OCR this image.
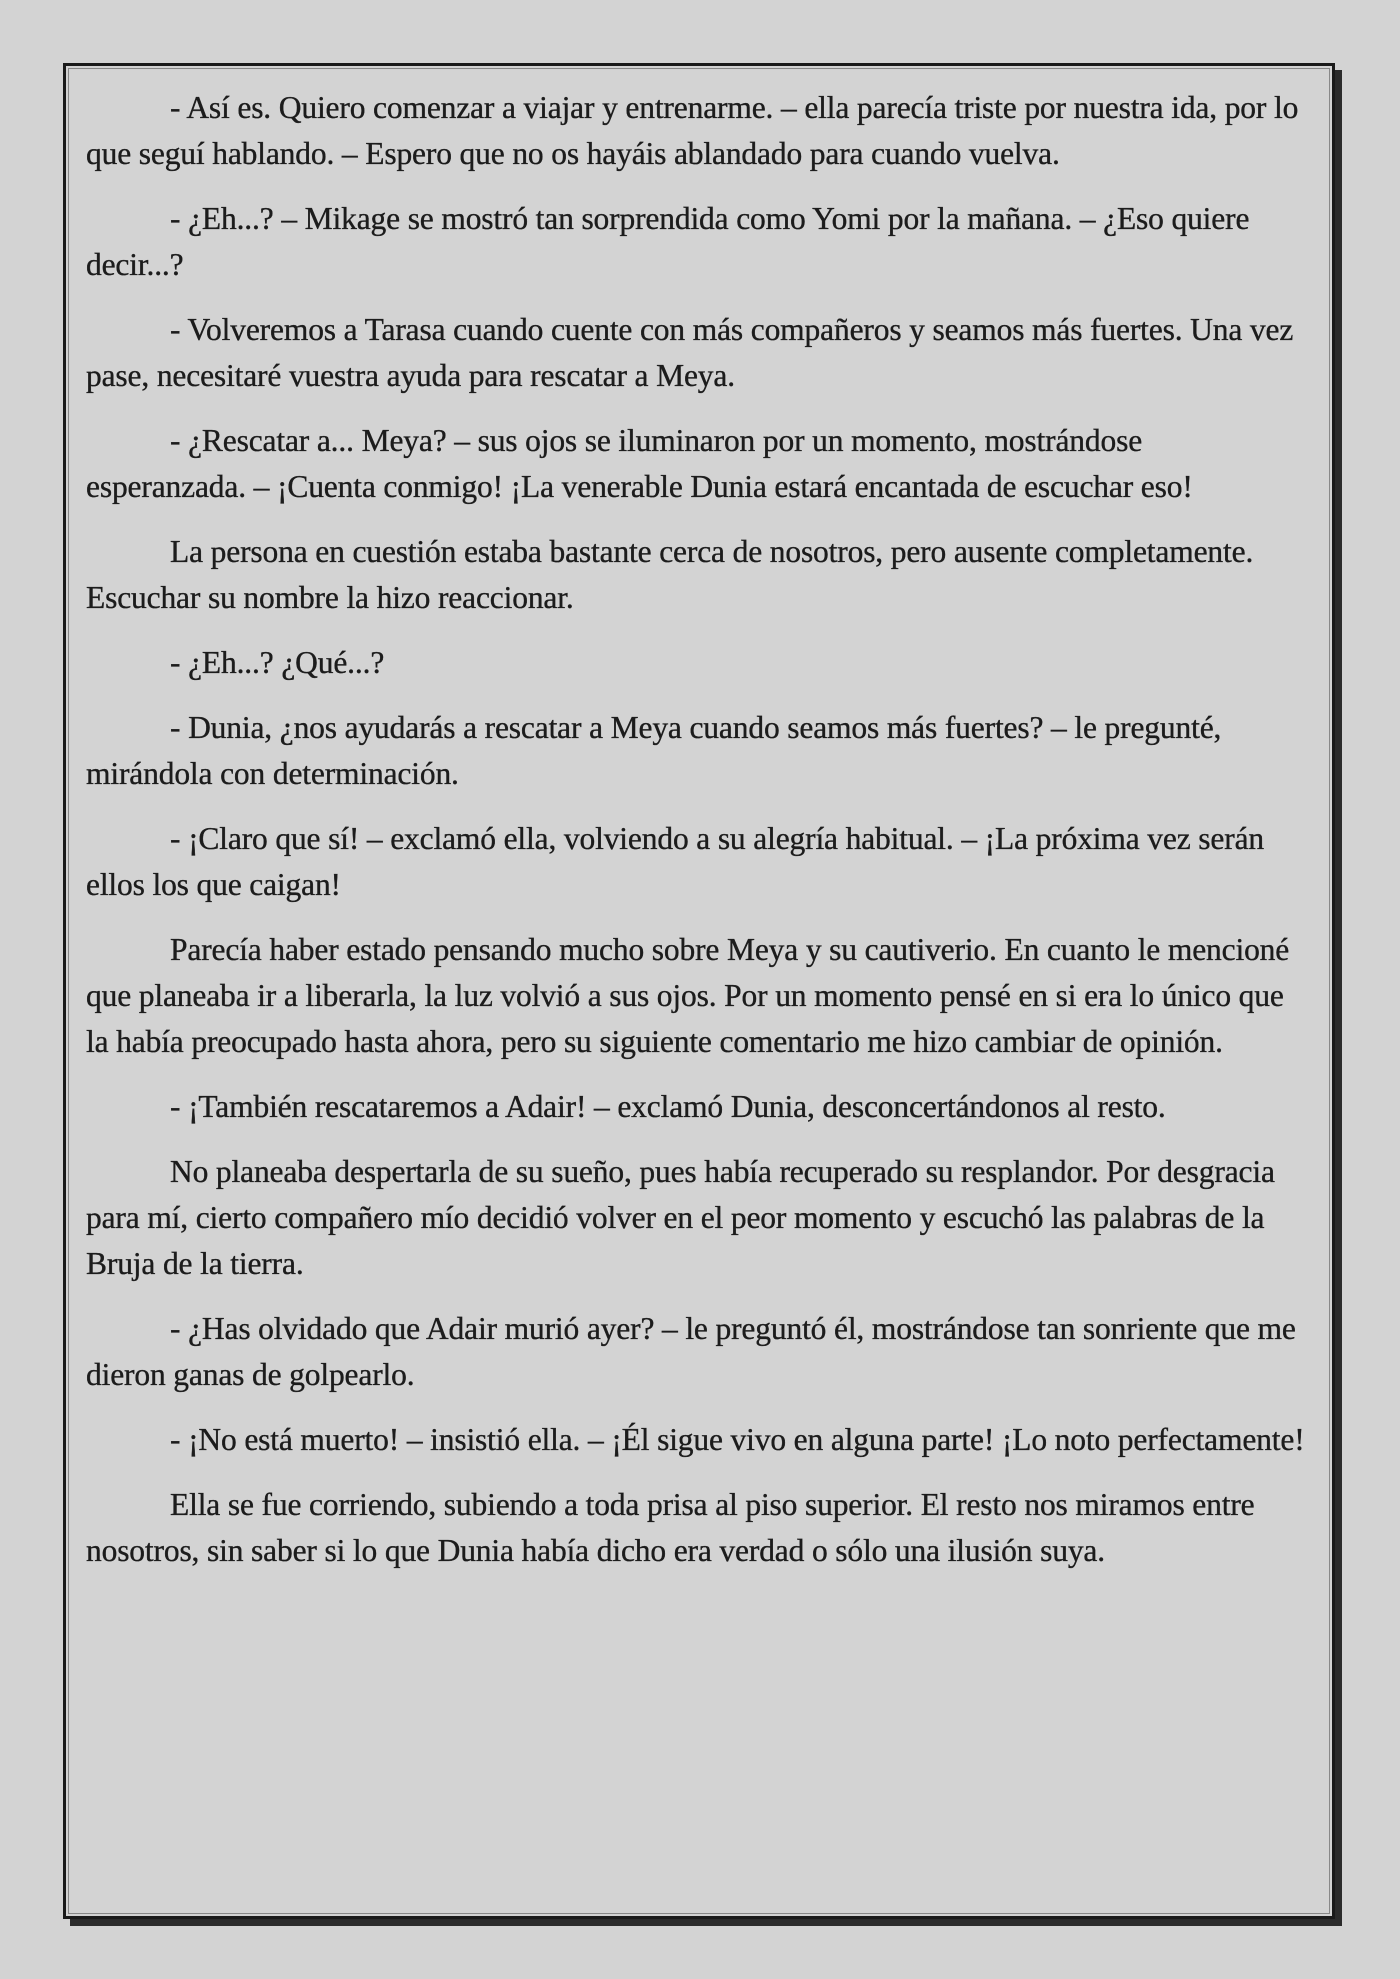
- Así es. Quiero comenzar a viajar y entrenarme. – ella parecía triste por nuestra ida, por lo que seguí hablando. – Espero que no os hayáis ablandado para cuando vuelva.

- ¿Eh...? – Mikage se mostró tan sorprendida como Yomi por la mañana. – ¿Eso quiere decir...?

- Volveremos a Tarasa cuando cuente con más compañeros y seamos más fuertes. Una vez pase, necesitaré vuestra ayuda para rescatar a Meya.

- ¿Rescatar a... Meya? – sus ojos se iluminaron por un momento, mostrándose esperanzada. – ¡Cuenta conmigo! ¡La venerable Dunia estará encantada de escuchar eso!

La persona en cuestión estaba bastante cerca de nosotros, pero ausente completamente. Escuchar su nombre la hizo reaccionar.

- ¿Eh...? ¿Qué...?

- Dunia, ¿nos ayudarás a rescatar a Meya cuando seamos más fuertes? – le pregunté, mirándola con determinación.

- ¡Claro que sí! – exclamó ella, volviendo a su alegría habitual. – ¡La próxima vez serán ellos los que caigan!

Parecía haber estado pensando mucho sobre Meya y su cautiverio. En cuanto le mencioné que planeaba ir a liberarla, la luz volvió a sus ojos. Por un momento pensé en si era lo único que la había preocupado hasta ahora, pero su siguiente comentario me hizo cambiar de opinión.

- ¡También rescataremos a Adair! – exclamó Dunia, desconcertándonos al resto.

No planeaba despertarla de su sueño, pues había recuperado su resplandor. Por desgracia para mí, cierto compañero mío decidió volver en el peor momento y escuchó las palabras de la Bruja de la tierra.

- ¿Has olvidado que Adair murió ayer? – le preguntó él, mostrándose tan sonriente que me dieron ganas de golpearlo.

- ¡No está muerto! – insistió ella. – ¡Él sigue vivo en alguna parte! ¡Lo noto perfectamente!

Ella se fue corriendo, subiendo a toda prisa al piso superior. El resto nos miramos entre nosotros, sin saber si lo que Dunia había dicho era verdad o sólo una ilusión suya.
